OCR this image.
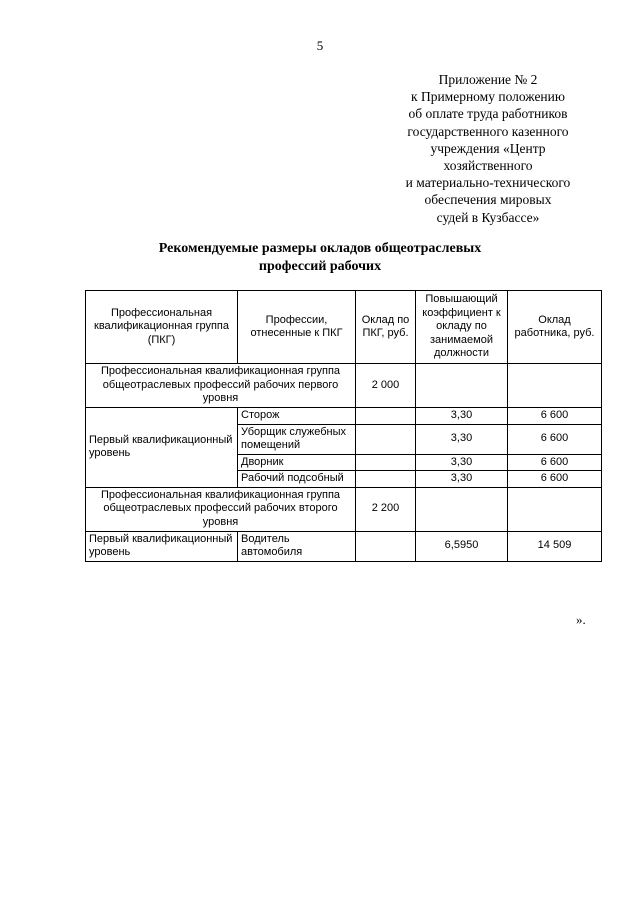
5
Приложение № 2
к Примерному положению
об оплате труда работников
государственного казенного
учреждения «Центр
хозяйственного
и материально-технического
обеспечения мировых
судей в Кузбассе»
Рекомендуемые размеры окладов общеотраслевых
профессий рабочих
Профессиональная квалификационная группа (ПКГ)	Профессии, отнесенные к ПКГ	Оклад по ПКГ, руб.	Повышающий коэффициент к окладу по занимаемой должности	Оклад работника, руб.
Профессиональная квалификационная группа общеотраслевых профессий рабочих первого уровня		2 000		
Первый квалификационный уровень	Сторож		3,30	6 600
	Уборщик служебных помещений		3,30	6 600
	Дворник		3,30	6 600
	Рабочий подсобный		3,30	6 600
Профессиональная квалификационная группа общеотраслевых профессий рабочих второго уровня		2 200		
Первый квалификационный уровень	Водитель автомобиля		6,5950	14 509
».
